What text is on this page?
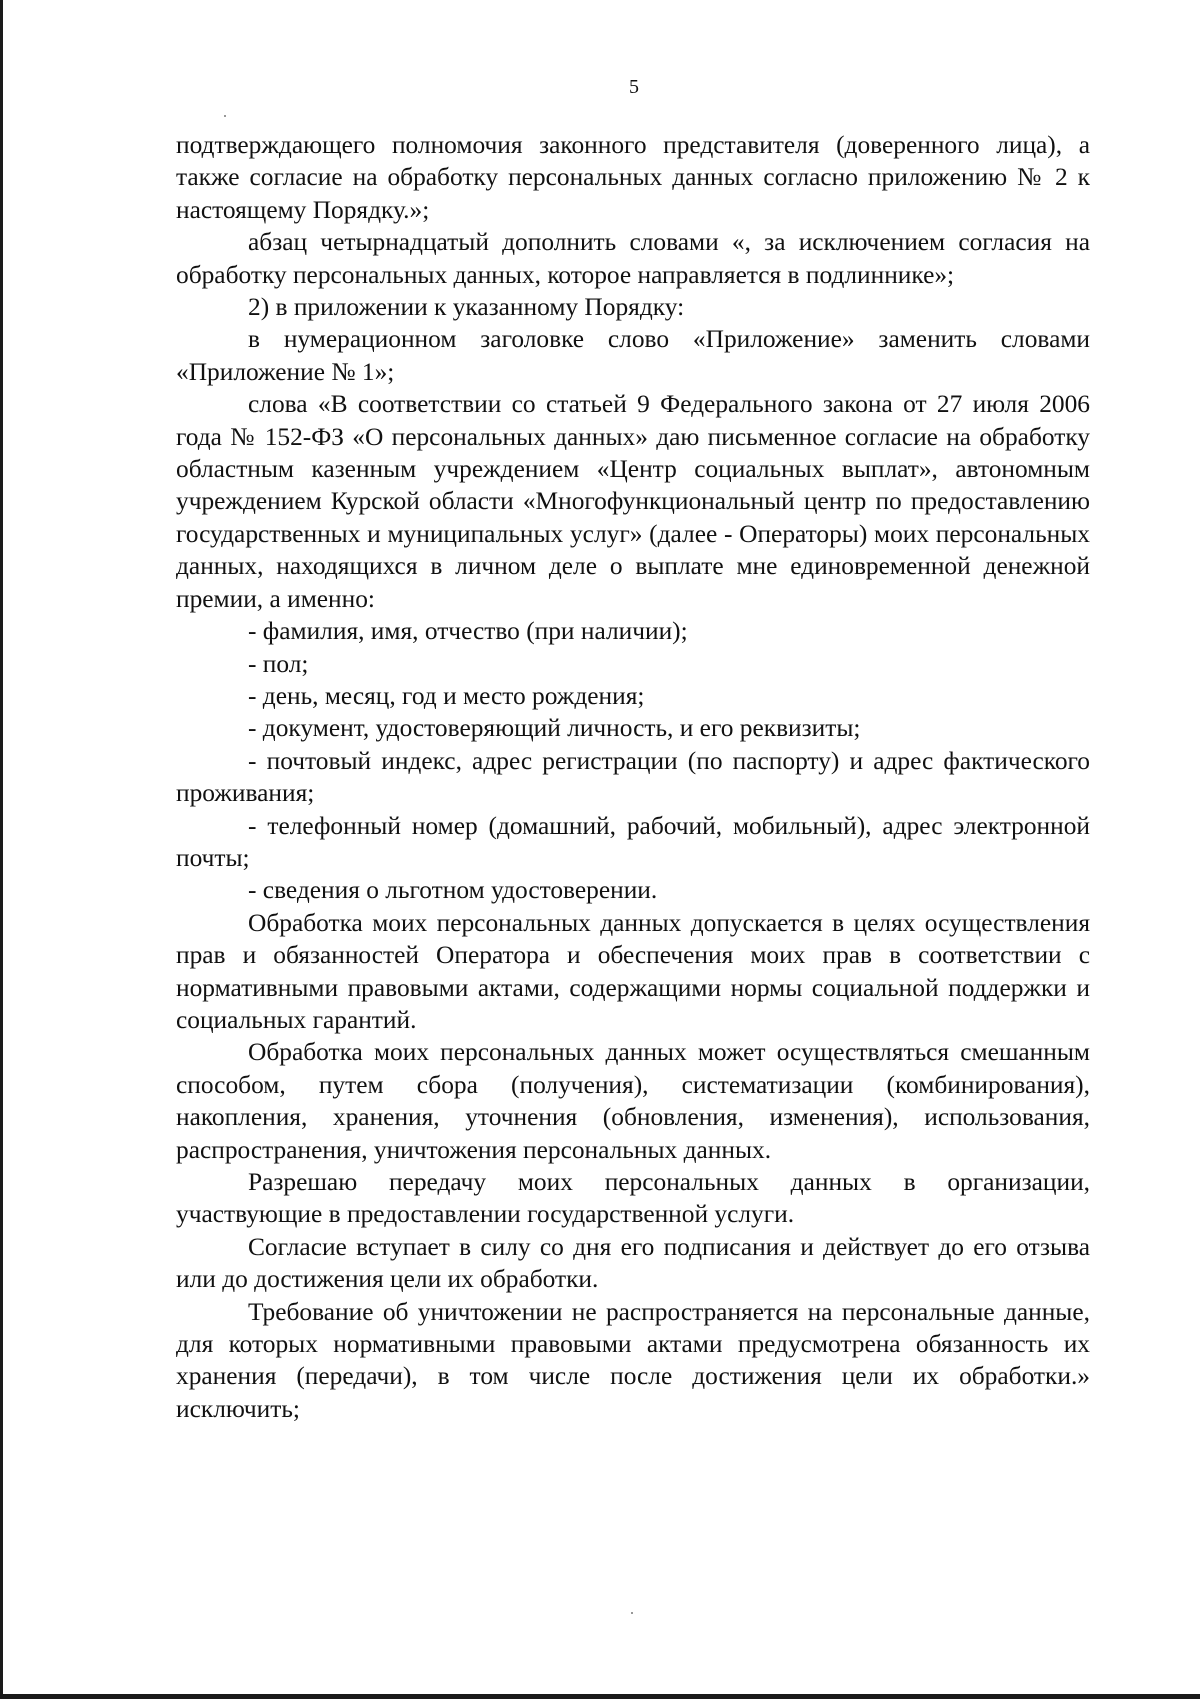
5

подтверждающего полномочия законного представителя (доверенного лица), а также согласие на обработку персональных данных согласно приложению № 2 к настоящему Порядку.»;

абзац четырнадцатый дополнить словами «, за исключением согласия на обработку персональных данных, которое направляется в подлиннике»;

2) в приложении к указанному Порядку:

в нумерационном заголовке слово «Приложение» заменить словами «Приложение № 1»;

слова «В соответствии со статьей 9 Федерального закона от 27 июля 2006 года № 152-ФЗ «О персональных данных» даю письменное согласие на обработку областным казенным учреждением «Центр социальных выплат», автономным учреждением Курской области «Многофункциональный центр по предоставлению государственных и муниципальных услуг» (далее - Операторы) моих персональных данных, находящихся в личном деле о выплате мне единовременной денежной премии, а именно:

- фамилия, имя, отчество (при наличии);

- пол;

- день, месяц, год и место рождения;

- документ, удостоверяющий личность, и его реквизиты;

- почтовый индекс, адрес регистрации (по паспорту) и адрес фактического проживания;

- телефонный номер (домашний, рабочий, мобильный), адрес электронной почты;

- сведения о льготном удостоверении.

Обработка моих персональных данных допускается в целях осуществления прав и обязанностей Оператора и обеспечения моих прав в соответствии с нормативными правовыми актами, содержащими нормы социальной поддержки и социальных гарантий.

Обработка моих персональных данных может осуществляться смешанным способом, путем сбора (получения), систематизации (комбинирования), накопления, хранения, уточнения (обновления, изменения), использования, распространения, уничтожения персональных данных.

Разрешаю передачу моих персональных данных в организации, участвующие в предоставлении государственной услуги.

Согласие вступает в силу со дня его подписания и действует до его отзыва или до достижения цели их обработки.

Требование об уничтожении не распространяется на персональные данные, для которых нормативными правовыми актами предусмотрена обязанность их хранения (передачи), в том числе после достижения цели их обработки.» исключить;
